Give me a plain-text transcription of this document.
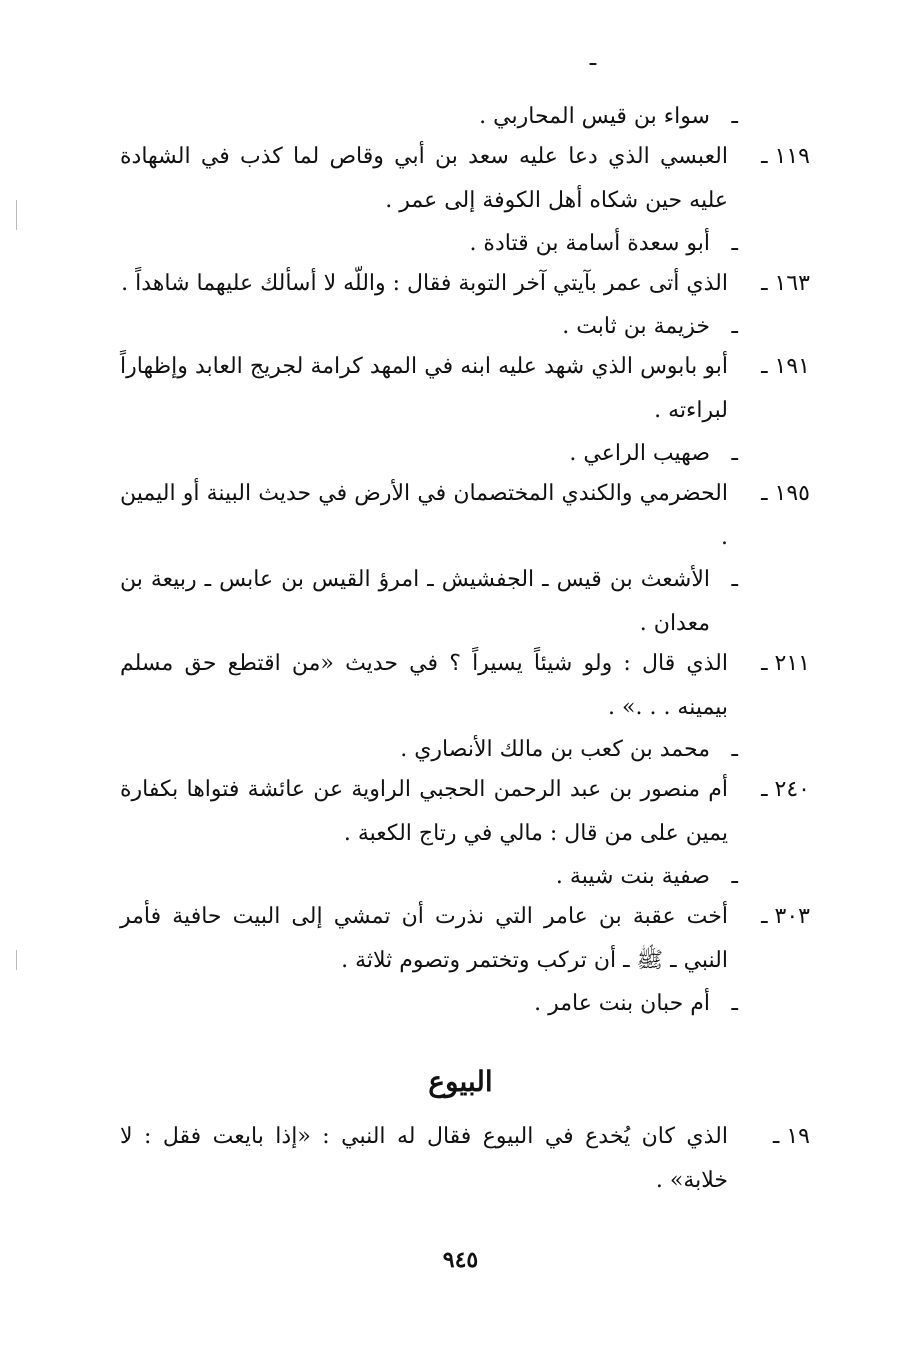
ـ
ـ
سواء بن قيس المحاربي .
١١٩ ـ
العبسي الذي دعا عليه سعد بن أبي وقاص لما كذب في الشهادة عليه حين شكاه أهل الكوفة إلى عمر .
ـ
أبو سعدة أسامة بن قتادة .
١٦٣ ـ
الذي أتى عمر بآيتي آخر التوبة فقال : واللّه لا أسألك عليهما شاهداً .
ـ
خزيمة بن ثابت .
١٩١ ـ
أبو بابوس الذي شهد عليه ابنه في المهد كرامة لجريج العابد وإظهاراً لبراءته .
ـ
صهيب الراعي .
١٩٥ ـ
الحضرمي والكندي المختصمان في الأرض في حديث البينة أو اليمين .
ـ
الأشعث بن قيس ـ الجفشيش ـ امرؤ القيس بن عابس ـ ربيعة بن معدان .
٢١١ ـ
الذي قال : ولو شيئاً يسيراً ؟ في حديث «من اقتطع حق مسلم بيمينه . . .» .
ـ
محمد بن كعب بن مالك الأنصاري .
٢٤٠ ـ
أم منصور بن عبد الرحمن الحجبي الراوية عن عائشة فتواها بكفارة يمين على من قال : مالي في رتاج الكعبة .
ـ
صفية بنت شيبة .
٣٠٣ ـ
أخت عقبة بن عامر التي نذرت أن تمشي إلى البيت حافية فأمر النبي ـ ﷺ ـ أن تركب وتختمر وتصوم ثلاثة .
ـ
أم حبان بنت عامر .
البيوع
١٩ ـ
الذي كان يُخدع في البيوع فقال له النبي : «إذا بايعت فقل : لا خلابة» .
٩٤٥
